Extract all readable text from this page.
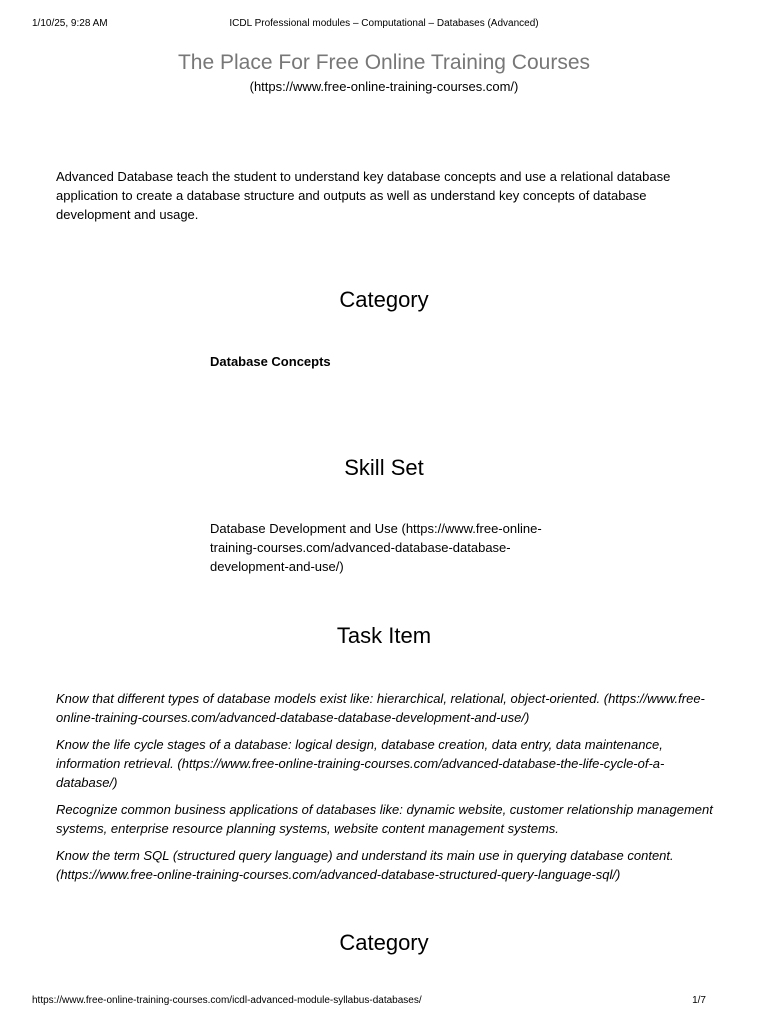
1/10/25, 9:28 AM	ICDL Professional modules – Computational – Databases (Advanced)
The Place For Free Online Training Courses
(https://www.free-online-training-courses.com/)

Advanced Database teach the student to understand key database concepts and use a relational database application to create a database structure and outputs as well as understand key concepts of database development and usage.

Category

Database Concepts

Skill Set

Database Development and Use (https://www.free-online-training-courses.com/advanced-database-database-development-and-use/)

Task Item
Know that different types of database models exist like: hierarchical, relational, object-oriented. (https://www.free-online-training-courses.com/advanced-database-database-development-and-use/)
Know the life cycle stages of a database: logical design, database creation, data entry, data maintenance, information retrieval. (https://www.free-online-training-courses.com/advanced-database-the-life-cycle-of-a-database/)
Recognize common business applications of databases like: dynamic website, customer relationship management systems, enterprise resource planning systems, website content management systems.
Know the term SQL (structured query language) and understand its main use in querying database content. (https://www.free-online-training-courses.com/advanced-database-structured-query-language-sql/)
Category
https://www.free-online-training-courses.com/icdl-advanced-module-syllabus-databases/	1/7
